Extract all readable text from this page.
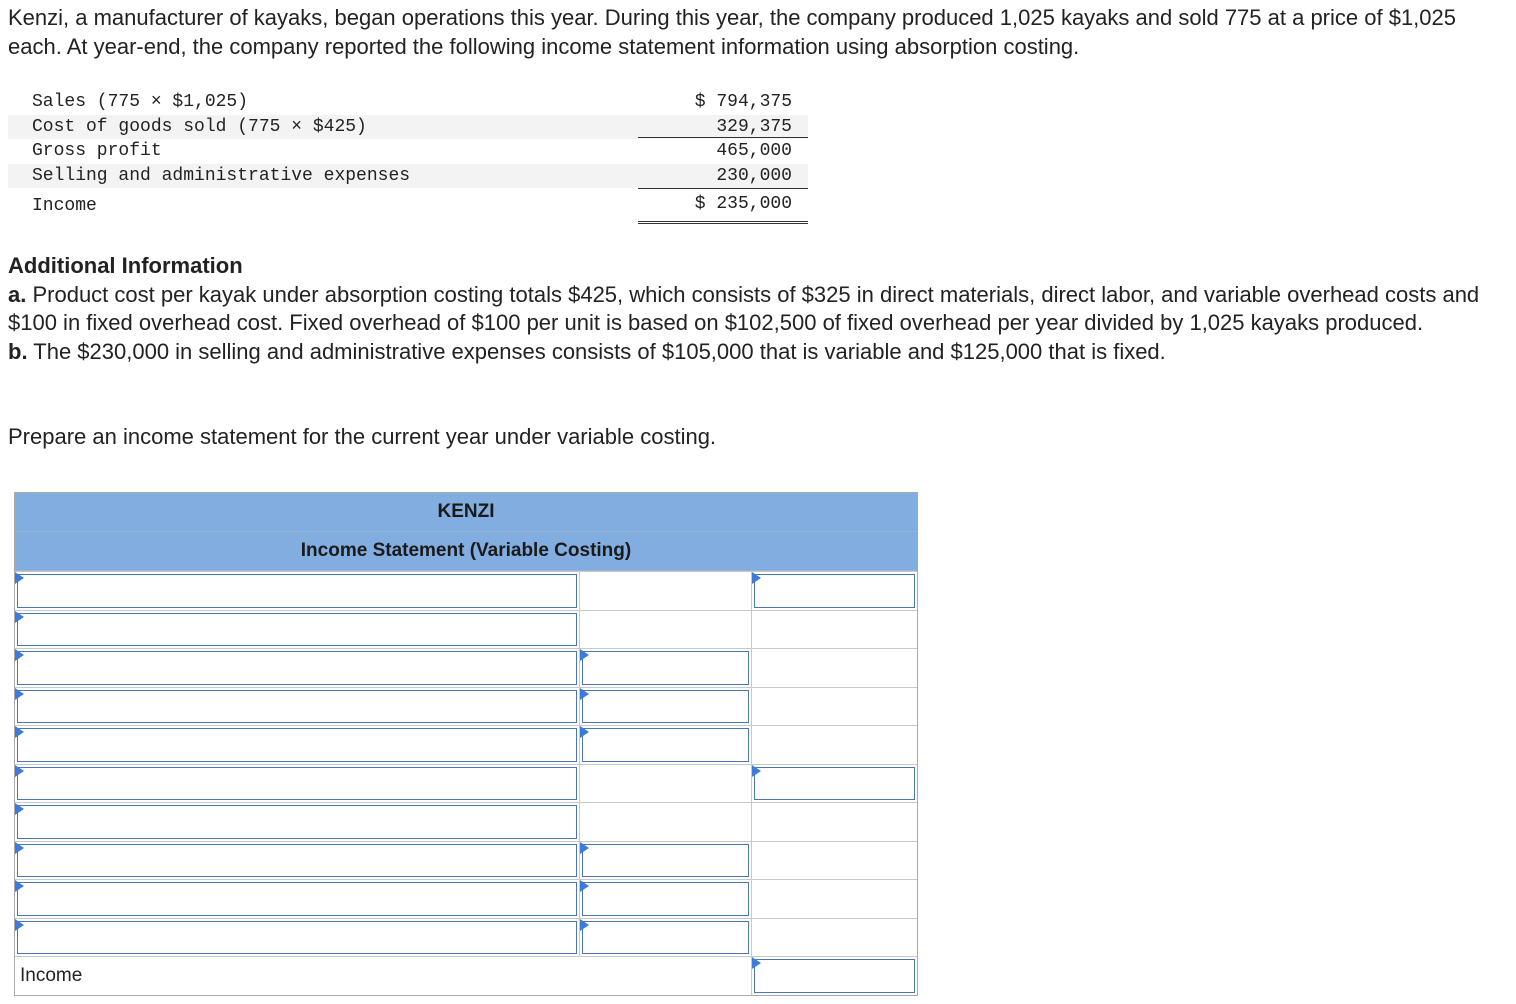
Kenzi, a manufacturer of kayaks, began operations this year. During this year, the company produced 1,025 kayaks and sold 775 at a price of $1,025 each. At year-end, the company reported the following income statement information using absorption costing.

Sales (775 × $1,025)	$ 794,375
Cost of goods sold (775 × $425)	329,375
Gross profit	465,000
Selling and administrative expenses	230,000
Income	$ 235,000
Additional Information
a. Product cost per kayak under absorption costing totals $425, which consists of $325 in direct materials, direct labor, and variable overhead costs and $100 in fixed overhead cost. Fixed overhead of $100 per unit is based on $102,500 of fixed overhead per year divided by 1,025 kayaks produced.
b. The $230,000 in selling and administrative expenses consists of $105,000 that is variable and $125,000 that is fixed.

Prepare an income statement for the current year under variable costing.

KENZI
Income Statement (Variable Costing)
Income
